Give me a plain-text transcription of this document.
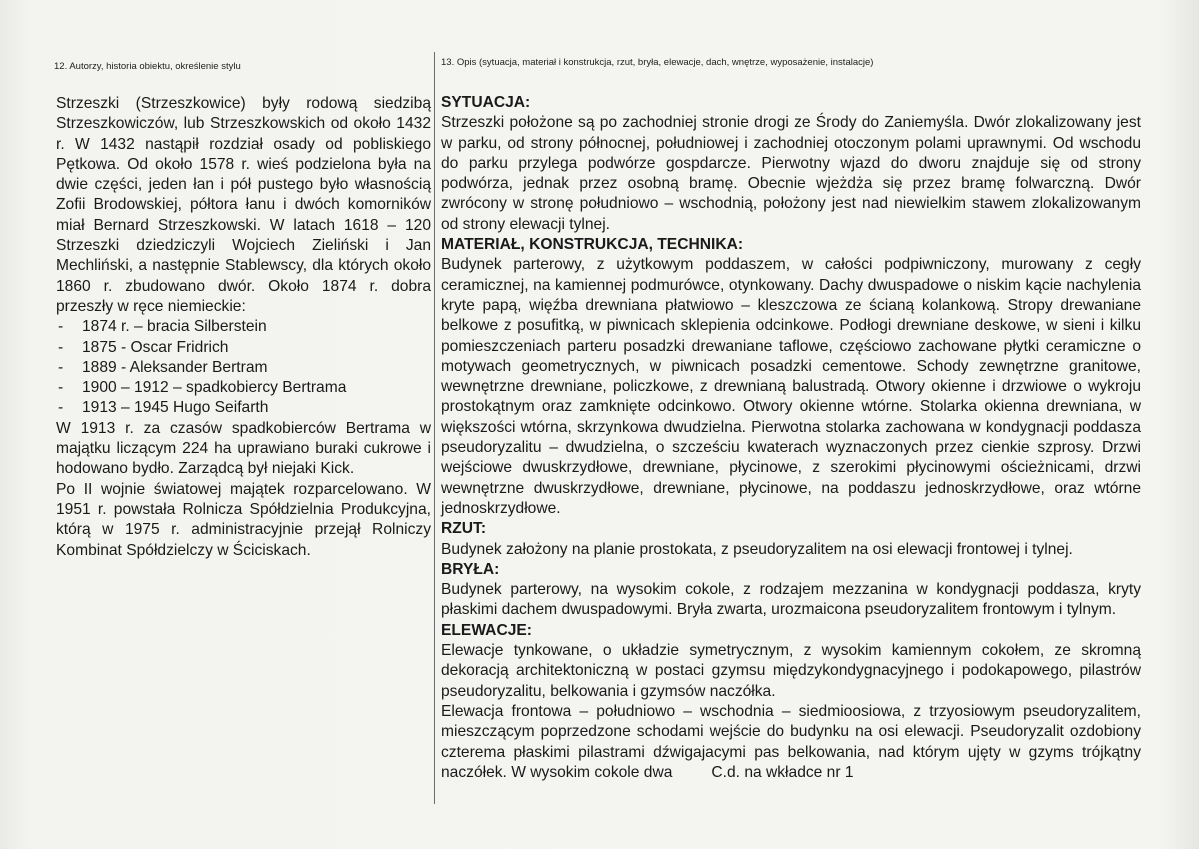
12. Autorzy, historia obiektu, określenie stylu	13. Opis (sytuacja, materiał i konstrukcja, rzut, bryła, elewacje, dach, wnętrze, wyposażenie, instalacje)

Strzeszki (Strzeszkowice) były rodową siedzibą Strzeszkowiczów, lub Strzeszkowskich od około 1432 r. W 1432 nastąpił rozdział osady od pobliskiego Pętkowa. Od około 1578 r. wieś podzielona była na dwie części, jeden łan i pół pustego było własnością Zofii Brodowskiej, półtora łanu i dwóch komorników miał Bernard Strzeszkowski. W latach 1618 – 120 Strzeszki dziedziczyli Wojciech Zieliński i Jan Mechliński, a następnie Stablewscy, dla których około 1860 r. zbudowano dwór. Około 1874 r. dobra przeszły w ręce niemieckie:

- 1874 r. – bracia Silberstein
- 1875 - Oscar Fridrich
- 1889 - Aleksander Bertram
- 1900 – 1912 – spadkobiercy Bertrama
- 1913 – 1945 Hugo Seifarth

W 1913 r. za czasów spadkobierców Bertrama w majątku liczącym 224 ha uprawiano buraki cukrowe i hodowano bydło. Zarządcą był niejaki Kick.

Po II wojnie światowej majątek rozparcelowano. W 1951 r. powstała Rolnicza Spółdzielnia Produkcyjna, którą w 1975 r. administracyjnie przejął Rolniczy Kombinat Spółdzielczy w Ściciskach.

SYTUACJA:

Strzeszki położone są po zachodniej stronie drogi ze Środy do Zaniemyśla. Dwór zlokalizowany jest w parku, od strony północnej, południowej i zachodniej otoczonym polami uprawnymi. Od wschodu do parku przylega podwórze gospdarcze. Pierwotny wjazd do dworu znajduje się od strony podwórza, jednak przez osobną bramę. Obecnie wjeżdża się przez bramę folwarczną. Dwór zwrócony w stronę południowo – wschodnią, położony jest nad niewielkim stawem zlokalizowanym od strony elewacji tylnej.

MATERIAŁ, KONSTRUKCJA, TECHNIKA:

Budynek parterowy, z użytkowym poddaszem, w całości podpiwniczony, murowany z cegły ceramicznej, na kamiennej podmurówce, otynkowany. Dachy dwuspadowe o niskim kącie nachylenia kryte papą, więźba drewniana płatwiowo – kleszczowa ze ścianą kolankową. Stropy drewaniane belkowe z posufitką, w piwnicach sklepienia odcinkowe. Podłogi drewniane deskowe, w sieni i kilku pomieszczeniach parteru posadzki drewaniane taflowe, częściowo zachowane płytki ceramiczne o motywach geometrycznych, w piwnicach posadzki cementowe. Schody zewnętrzne granitowe, wewnętrzne drewniane, policzkowe, z drewnianą balustradą. Otwory okienne i drzwiowe o wykroju prostokątnym oraz zamknięte odcinkowo. Otwory okienne wtórne. Stolarka okienna drewniana, w większości wtórna, skrzynkowa dwudzielna. Pierwotna stolarka zachowana w kondygnacji poddasza pseudoryzalitu – dwudzielna, o szcześciu kwaterach wyznaczonych przez cienkie szprosy. Drzwi wejściowe dwuskrzydłowe, drewniane, płycinowe, z szerokimi płycinowymi ościeżnicami, drzwi wewnętrzne dwuskrzydłowe, drewniane, płycinowe, na poddaszu jednoskrzydłowe, oraz wtórne jednoskrzydłowe.

RZUT:

Budynek założony na planie prostokata, z pseudoryzalitem na osi elewacji frontowej i tylnej.

BRYŁA:

Budynek parterowy, na wysokim cokole, z rodzajem mezzanina w kondygnacji poddasza, kryty płaskimi dachem dwuspadowymi. Bryła zwarta, urozmaicona pseudoryzalitem frontowym i tylnym.

ELEWACJE:

Elewacje tynkowane, o układzie symetrycznym, z wysokim kamiennym cokołem, ze skromną dekoracją architektoniczną w postaci gzymsu międzykondygnacyjnego i podokapowego, pilastrów pseudoryzalitu, belkowania i gzymsów naczółka.

Elewacja frontowa – południowo – wschodnia – siedmioosiowa, z trzyosiowym pseudoryzalitem, mieszczącym poprzedzone schodami wejście do budynku na osi elewacji. Pseudoryzalit ozdobiony czterema płaskimi pilastrami dźwigajacymi pas belkowania, nad którym ujęty w gzyms trójkątny naczółek. W wysokim cokole dwa	C.d. na wkładce nr 1
